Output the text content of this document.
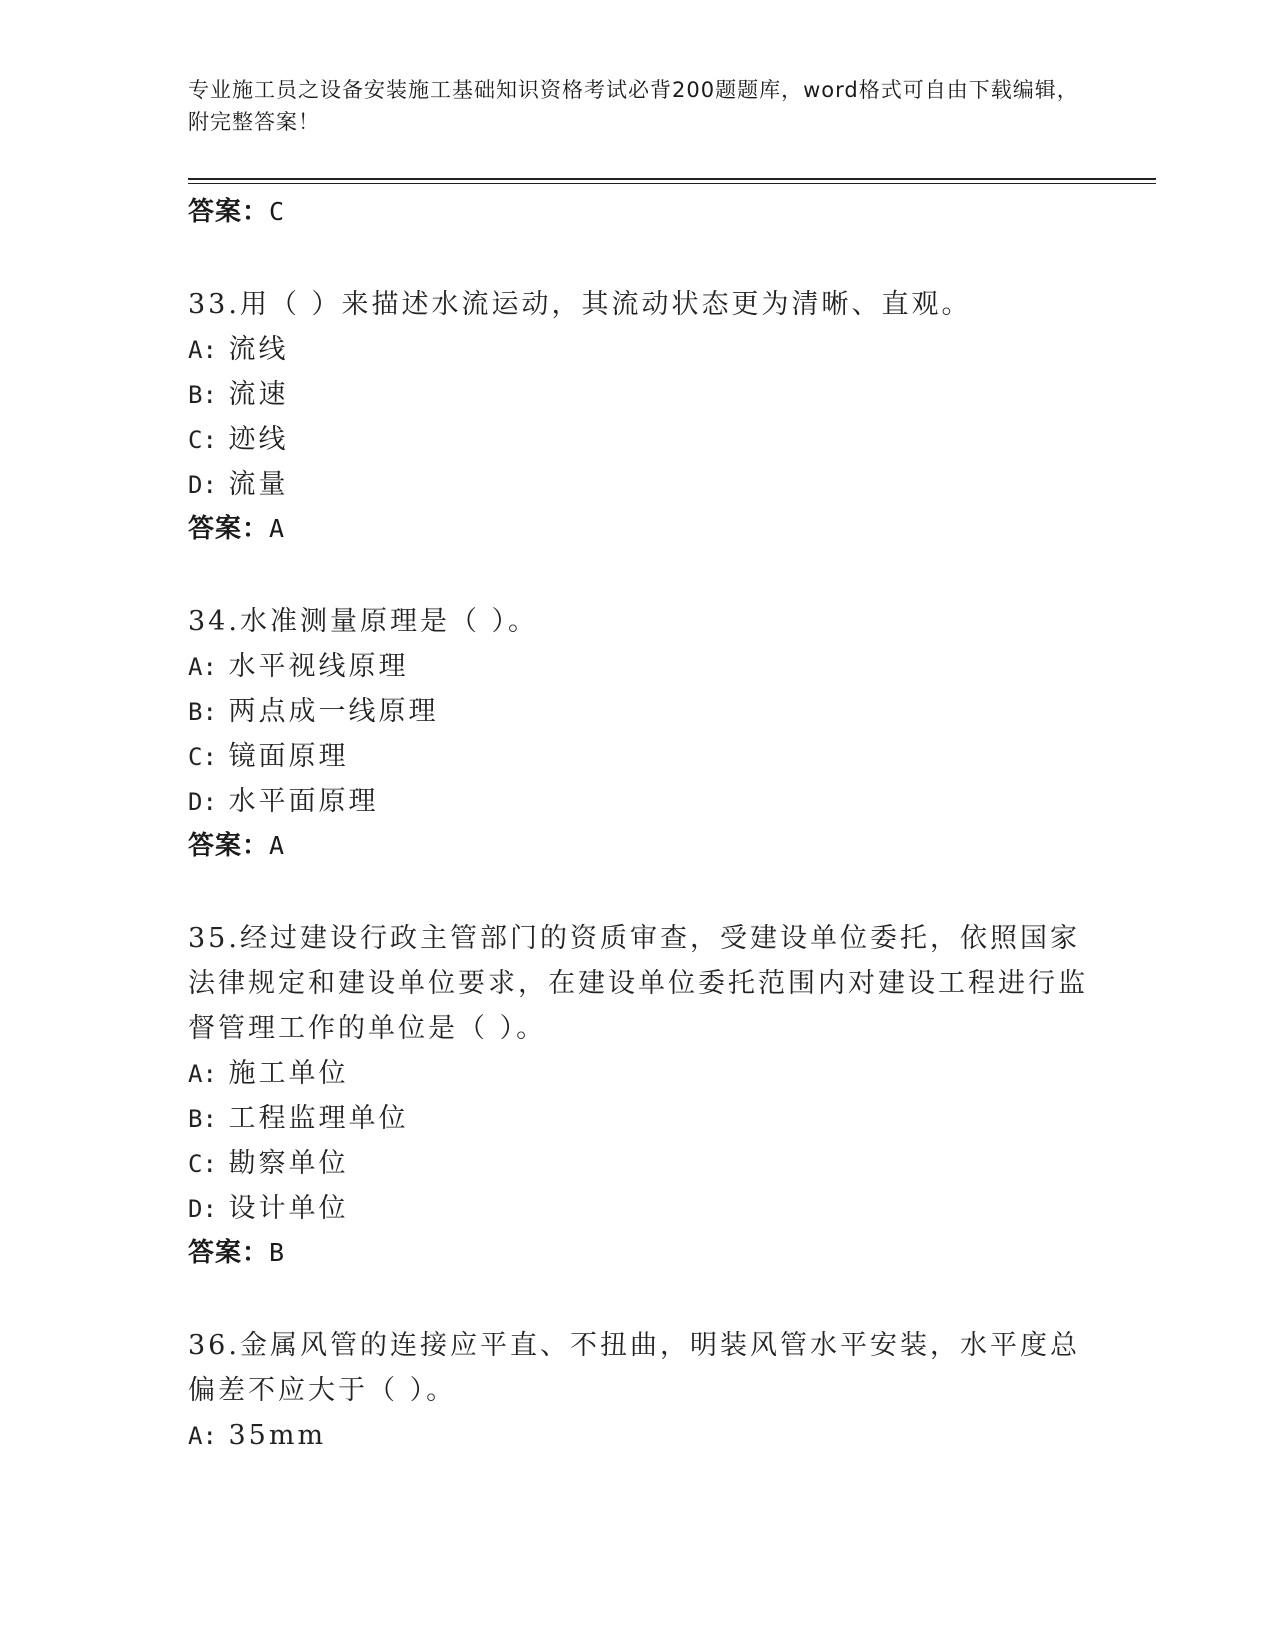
专业施工员之设备安装施工基础知识资格考试必背200题题库，word格式可自由下载编辑，附完整答案！
答案：C
33.用（ ）来描述水流运动，其流动状态更为清晰、直观。
A: 流线
B: 流速
C: 迹线
D: 流量
答案：A
34.水准测量原理是（ ）。
A: 水平视线原理
B: 两点成一线原理
C: 镜面原理
D: 水平面原理
答案：A
35.经过建设行政主管部门的资质审查，受建设单位委托，依照国家法律规定和建设单位要求，在建设单位委托范围内对建设工程进行监督管理工作的单位是（ ）。
A: 施工单位
B: 工程监理单位
C: 勘察单位
D: 设计单位
答案：B
36.金属风管的连接应平直、不扭曲，明装风管水平安装，水平度总偏差不应大于（ ）。
A: 35mm
